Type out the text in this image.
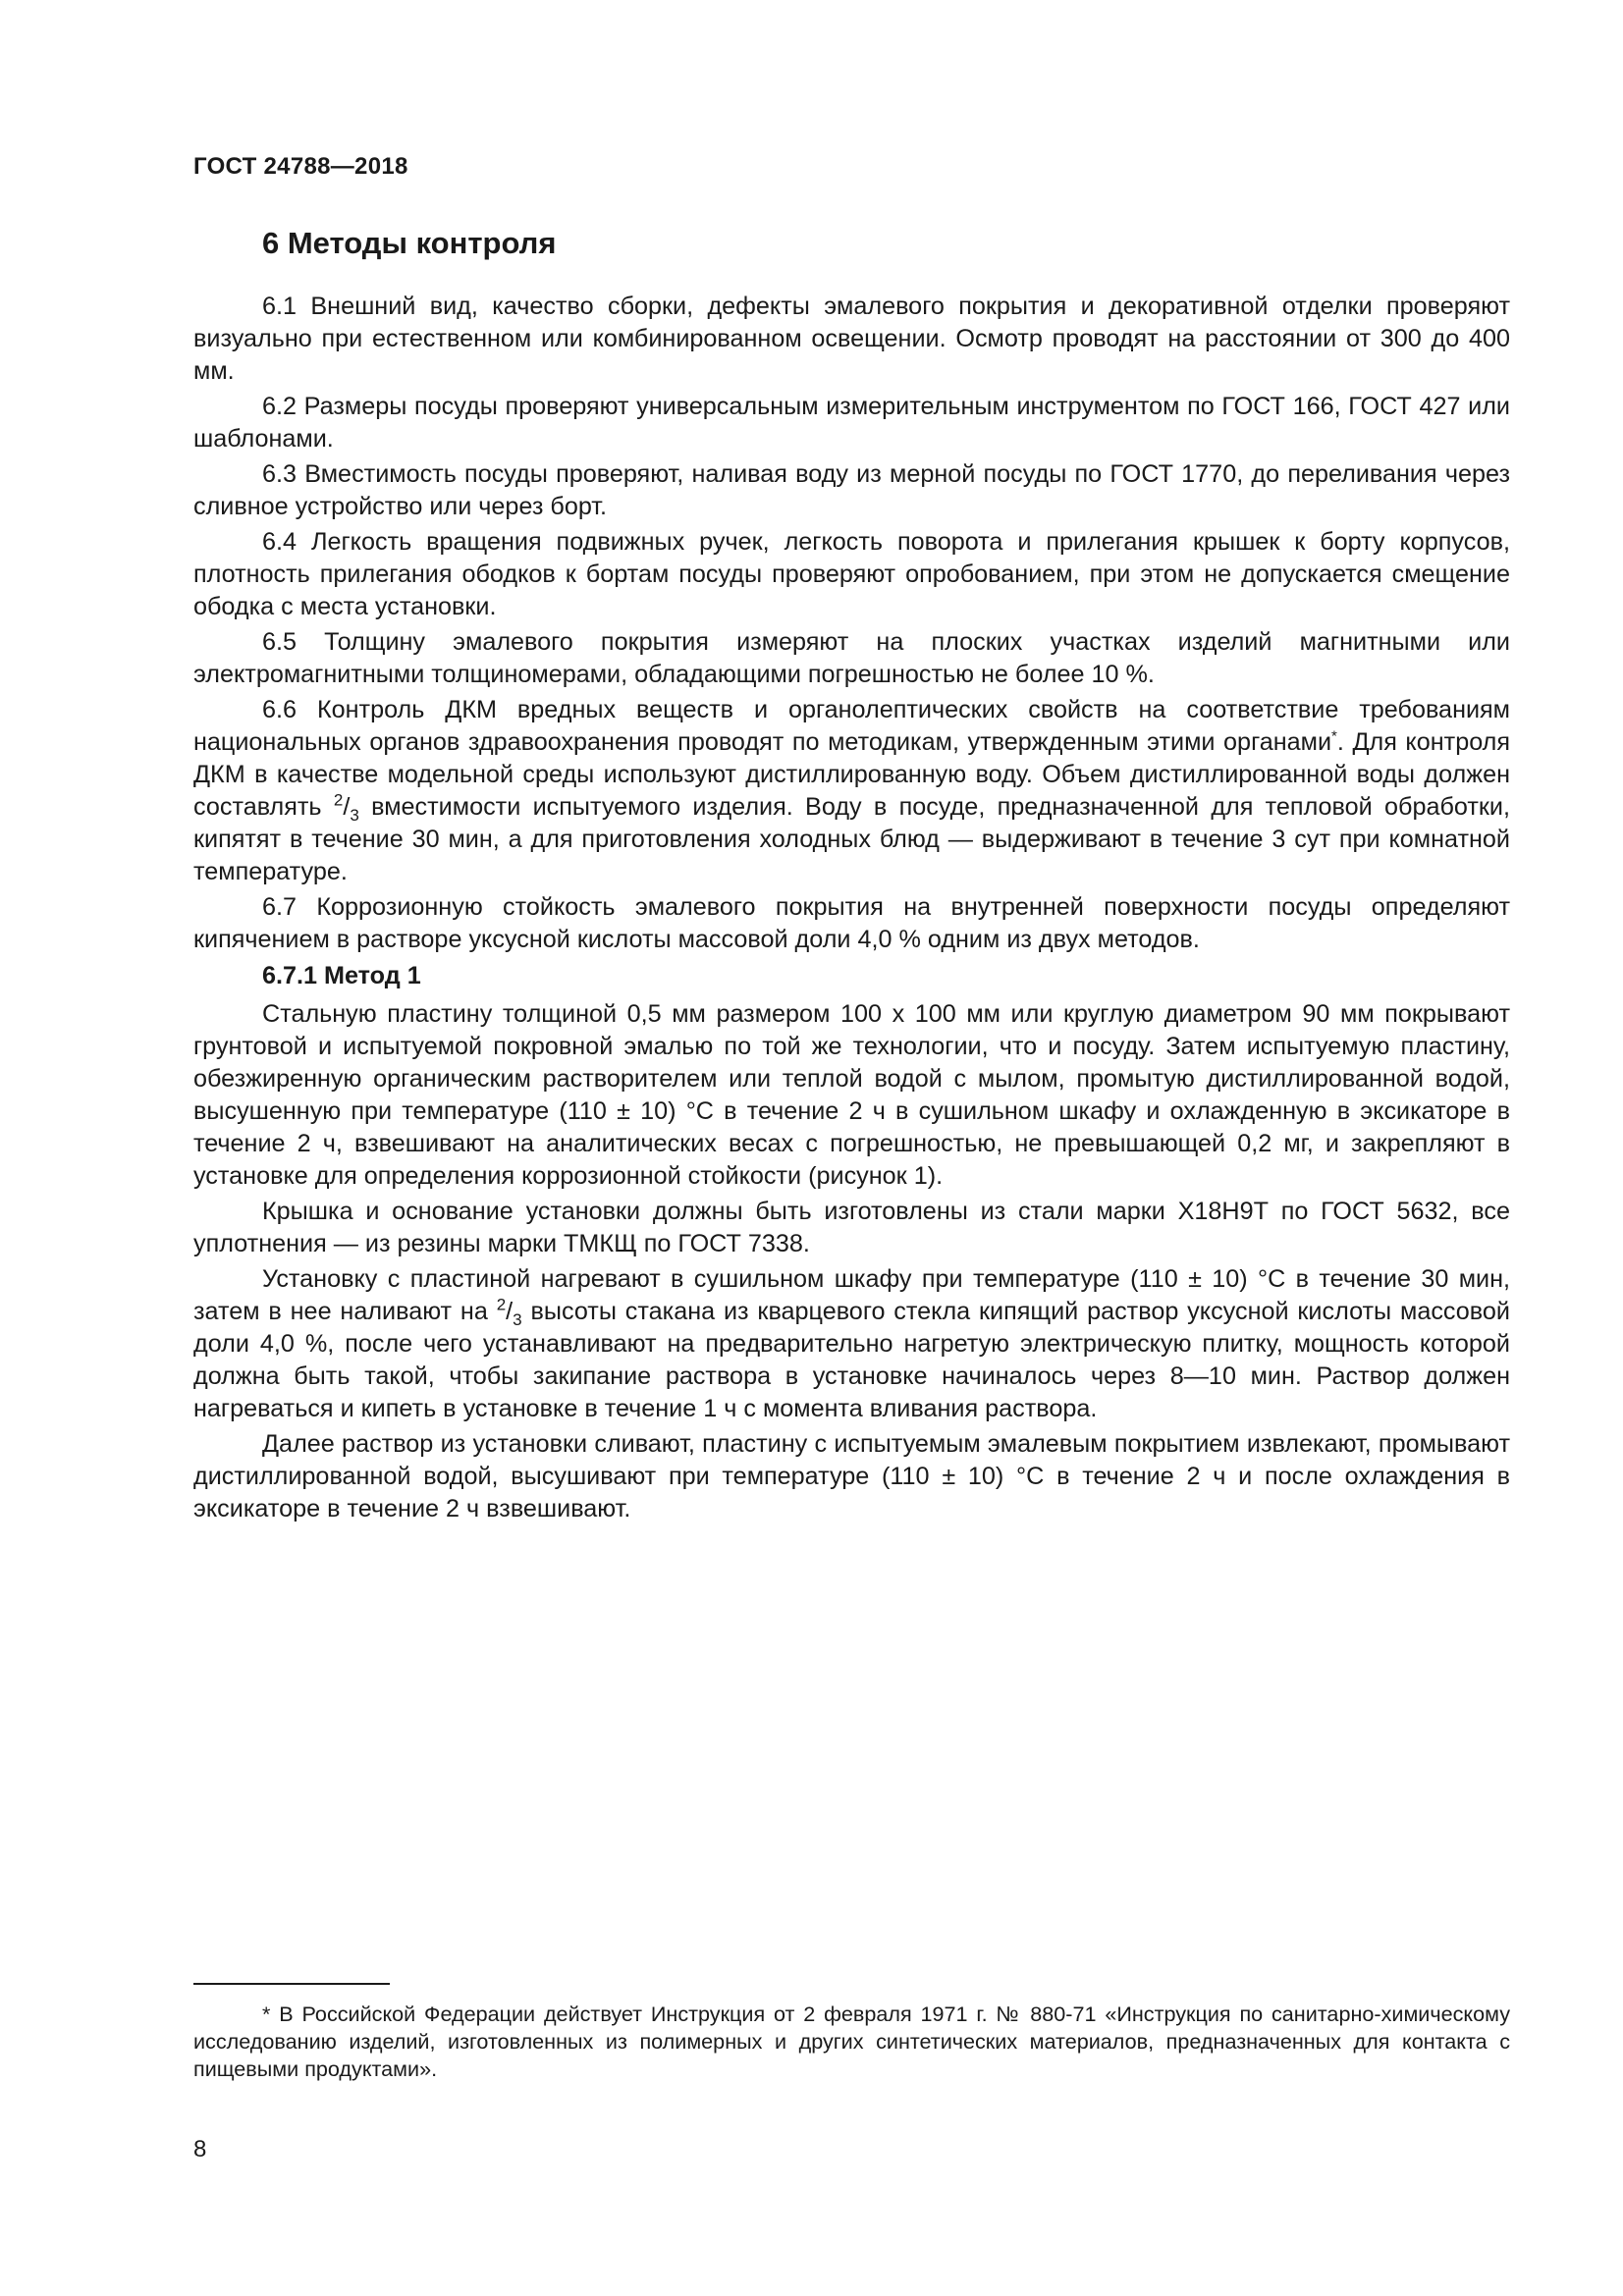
ГОСТ 24788—2018
6 Методы контроля

6.1 Внешний вид, качество сборки, дефекты эмалевого покрытия и декоративной отделки проверяют визуально при естественном или комбинированном освещении. Осмотр проводят на расстоянии от 300 до 400 мм.

6.2 Размеры посуды проверяют универсальным измерительным инструментом по ГОСТ 166, ГОСТ 427 или шаблонами.

6.3 Вместимость посуды проверяют, наливая воду из мерной посуды по ГОСТ 1770, до переливания через сливное устройство или через борт.

6.4 Легкость вращения подвижных ручек, легкость поворота и прилегания крышек к борту корпусов, плотность прилегания ободков к бортам посуды проверяют опробованием, при этом не допускается смещение ободка с места установки.

6.5 Толщину эмалевого покрытия измеряют на плоских участках изделий магнитными или электромагнитными толщиномерами, обладающими погрешностью не более 10 %.

6.6 Контроль ДКМ вредных веществ и органолептических свойств на соответствие требованиям национальных органов здравоохранения проводят по методикам, утвержденным этими органами*. Для контроля ДКМ в качестве модельной среды используют дистиллированную воду. Объем дистиллированной воды должен составлять $^2/_3$ вместимости испытуемого изделия. Воду в посуде, предназначенной для тепловой обработки, кипятят в течение 30 мин, а для приготовления холодных блюд — выдерживают в течение 3 сут при комнатной температуре.

6.7 Коррозионную стойкость эмалевого покрытия на внутренней поверхности посуды определяют кипячением в растворе уксусной кислоты массовой доли 4,0 % одним из двух методов.

6.7.1 Метод 1

Стальную пластину толщиной 0,5 мм размером 100 х 100 мм или круглую диаметром 90 мм покрывают грунтовой и испытуемой покровной эмалью по той же технологии, что и посуду. Затем испытуемую пластину, обезжиренную органическим растворителем или теплой водой с мылом, промытую дистиллированной водой, высушенную при температуре (110 ± 10) °С в течение 2 ч в сушильном шкафу и охлажденную в эксикаторе в течение 2 ч, взвешивают на аналитических весах с погрешностью, не превышающей 0,2 мг, и закрепляют в установке для определения коррозионной стойкости (рисунок 1).

Крышка и основание установки должны быть изготовлены из стали марки Х18Н9Т по ГОСТ 5632, все уплотнения — из резины марки ТМКЩ по ГОСТ 7338.

Установку с пластиной нагревают в сушильном шкафу при температуре (110 ± 10) °С в течение 30 мин, затем в нее наливают на $^2/_3$ высоты стакана из кварцевого стекла кипящий раствор уксусной кислоты массовой доли 4,0 %, после чего устанавливают на предварительно нагретую электрическую плитку, мощность которой должна быть такой, чтобы закипание раствора в установке начиналось через 8—10 мин. Раствор должен нагреваться и кипеть в установке в течение 1 ч с момента вливания раствора.

Далее раствор из установки сливают, пластину с испытуемым эмалевым покрытием извлекают, промывают дистиллированной водой, высушивают при температуре (110 ± 10) °С в течение 2 ч и после охлаждения в эксикаторе в течение 2 ч взвешивают.

* В Российской Федерации действует Инструкция от 2 февраля 1971 г. № 880-71 «Инструкция по санитарно-химическому исследованию изделий, изготовленных из полимерных и других синтетических материалов, предназначенных для контакта с пищевыми продуктами».

8
